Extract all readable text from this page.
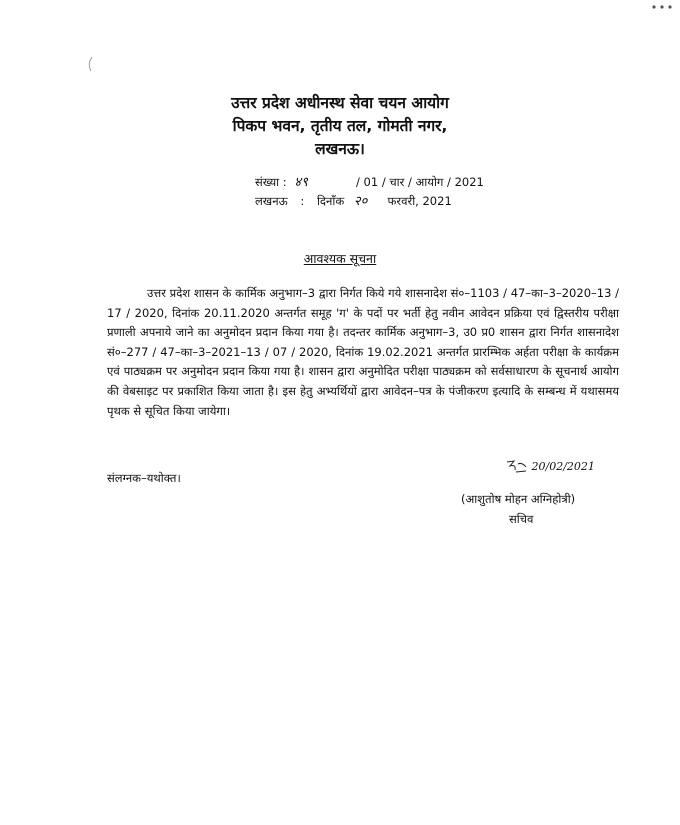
उत्तर प्रदेश अधीनस्थ सेवा चयन आयोग
पिकप भवन, तृतीय तल, गोमती नगर,
लखनऊ।
संख्या : ४९	/ 01 / चार / आयोग / 2021
लखनऊ : दिनाँक २० फरवरी, 2021
आवश्यक सूचना
उत्तर प्रदेश शासन के कार्मिक अनुभाग–3 द्वारा निर्गत किये गये शासनादेश सं०–1103 / 47–का–3–2020–13 / 17 / 2020, दिनांक 20.11.2020 अन्तर्गत समूह 'ग' के पदों पर भर्ती हेतु नवीन आवेदन प्रक्रिया एवं द्विस्तरीय परीक्षा प्रणाली अपनाये जाने का अनुमोदन प्रदान किया गया है। तदन्तर कार्मिक अनुभाग–3, उ0 प्र0 शासन द्वारा निर्गत शासनादेश सं०–277 / 47–का–3–2021–13 / 07 / 2020, दिनांक 19.02.2021 अन्तर्गत प्रारम्भिक अर्हता परीक्षा के कार्यक्रम एवं पाठ्यक्रम पर अनुमोदन प्रदान किया गया है। शासन द्वारा अनुमोदित परीक्षा पाठ्यक्रम को सर्वसाधारण के सूचनार्थ आयोग की वेबसाइट पर प्रकाशित किया जाता है। इस हेतु अभ्यर्थियों द्वारा आवेदन–पत्र के पंजीकरण इत्यादि के सम्बन्ध में यथासमय पृथक से सूचित किया जायेगा।
संलग्नक–यथोक्त।
20/02/2021
(आशुतोष मोहन अग्निहोत्री)
सचिव
